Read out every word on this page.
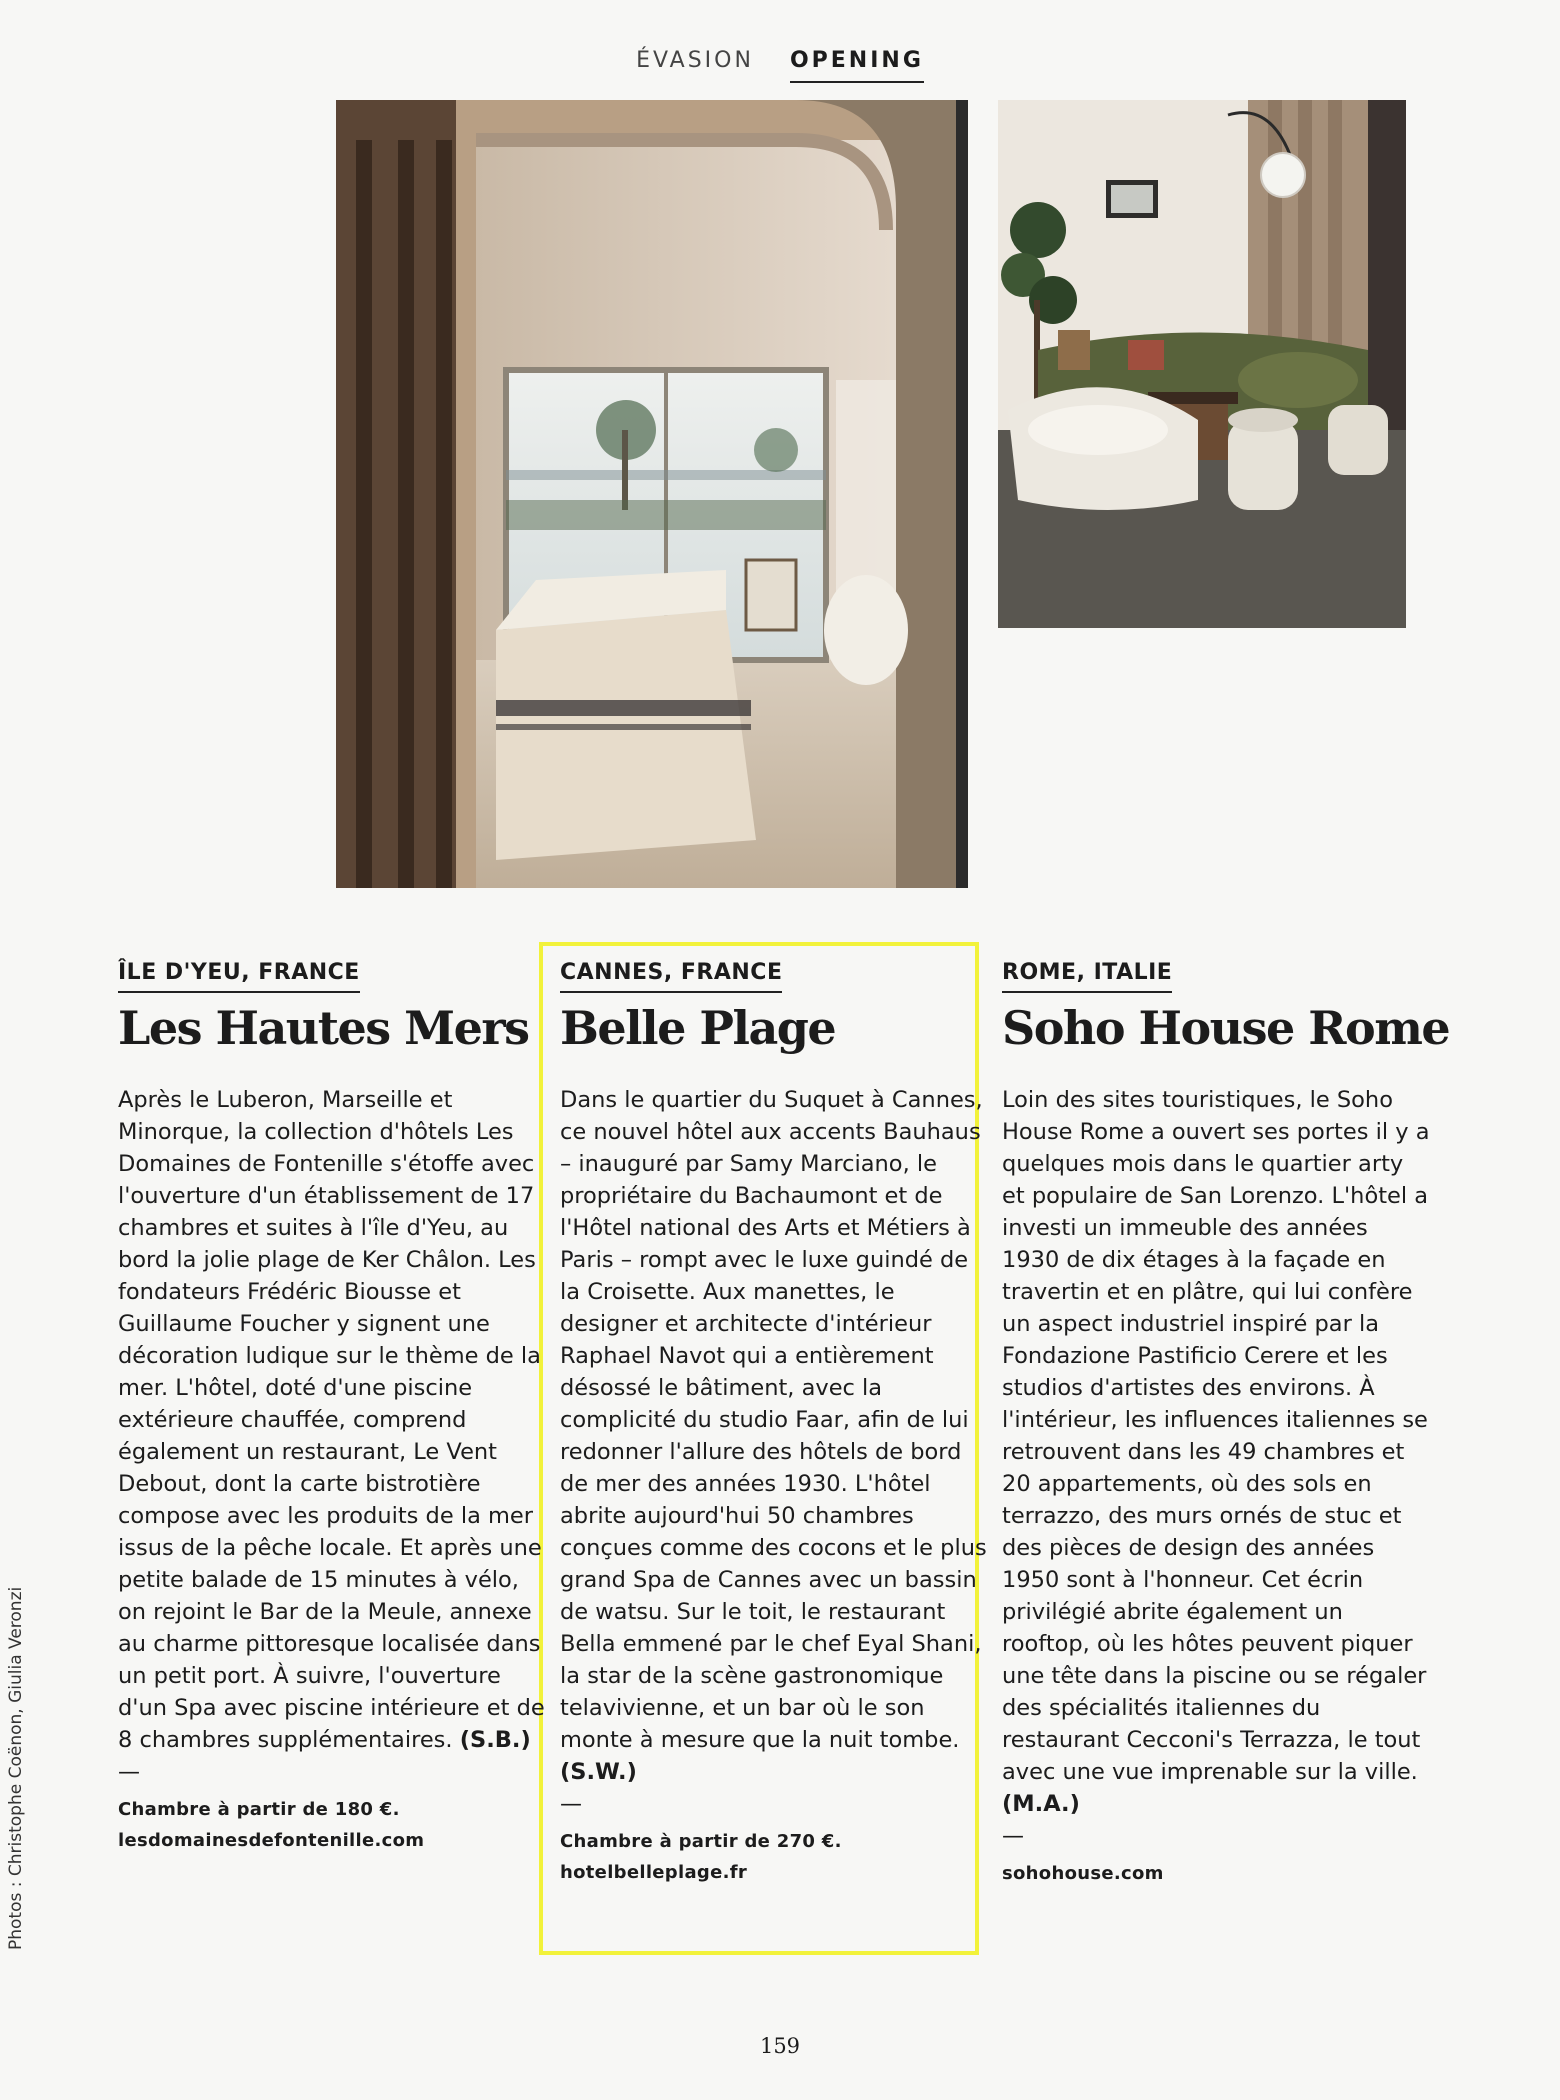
ÉVASION OPENING
ÎLE D'YEU, FRANCE
Les Hautes Mers

Après le Luberon, Marseille et Minorque, la collection d'hôtels Les Domaines de Fontenille s'étoffe avec l'ouverture d'un établissement de 17 chambres et suites à l'île d'Yeu, au bord la jolie plage de Ker Châlon. Les fondateurs Frédéric Biousse et Guillaume Foucher y signent une décoration ludique sur le thème de la mer. L'hôtel, doté d'une piscine extérieure chauffée, comprend également un restaurant, Le Vent Debout, dont la carte bistrotière compose avec les produits de la mer issus de la pêche locale. Et après une petite balade de 15 minutes à vélo, on rejoint le Bar de la Meule, annexe au charme pittoresque localisée dans un petit port. À suivre, l'ouverture d'un Spa avec piscine intérieure et de 8 chambres supplémentaires. (S.B.)

—

Chambre à partir de 180 €.

lesdomainesdefontenille.com

CANNES, FRANCE
Belle Plage

Dans le quartier du Suquet à Cannes, ce nouvel hôtel aux accents Bauhaus – inauguré par Samy Marciano, le propriétaire du Bachaumont et de l'Hôtel national des Arts et Métiers à Paris – rompt avec le luxe guindé de la Croisette. Aux manettes, le designer et architecte d'intérieur Raphael Navot qui a entièrement désossé le bâtiment, avec la complicité du studio Faar, afin de lui redonner l'allure des hôtels de bord de mer des années 1930. L'hôtel abrite aujourd'hui 50 chambres conçues comme des cocons et le plus grand Spa de Cannes avec un bassin de watsu. Sur le toit, le restaurant Bella emmené par le chef Eyal Shani, la star de la scène gastronomique telavivienne, et un bar où le son monte à mesure que la nuit tombe. (S.W.)

—

Chambre à partir de 270 €.

hotelbelleplage.fr

ROME, ITALIE
Soho House Rome

Loin des sites touristiques, le Soho House Rome a ouvert ses portes il y a quelques mois dans le quartier arty et populaire de San Lorenzo. L'hôtel a investi un immeuble des années 1930 de dix étages à la façade en travertin et en plâtre, qui lui confère un aspect industriel inspiré par la Fondazione Pastificio Cerere et les studios d'artistes des environs. À l'intérieur, les influences italiennes se retrouvent dans les 49 chambres et 20 appartements, où des sols en terrazzo, des murs ornés de stuc et des pièces de design des années 1950 sont à l'honneur. Cet écrin privilégié abrite également un rooftop, où les hôtes peuvent piquer une tête dans la piscine ou se régaler des spécialités italiennes du restaurant Cecconi's Terrazza, le tout avec une vue imprenable sur la ville. (M.A.)

—

sohohouse.com

Photos : Christophe Coënon, Giulia Veronzi
159
